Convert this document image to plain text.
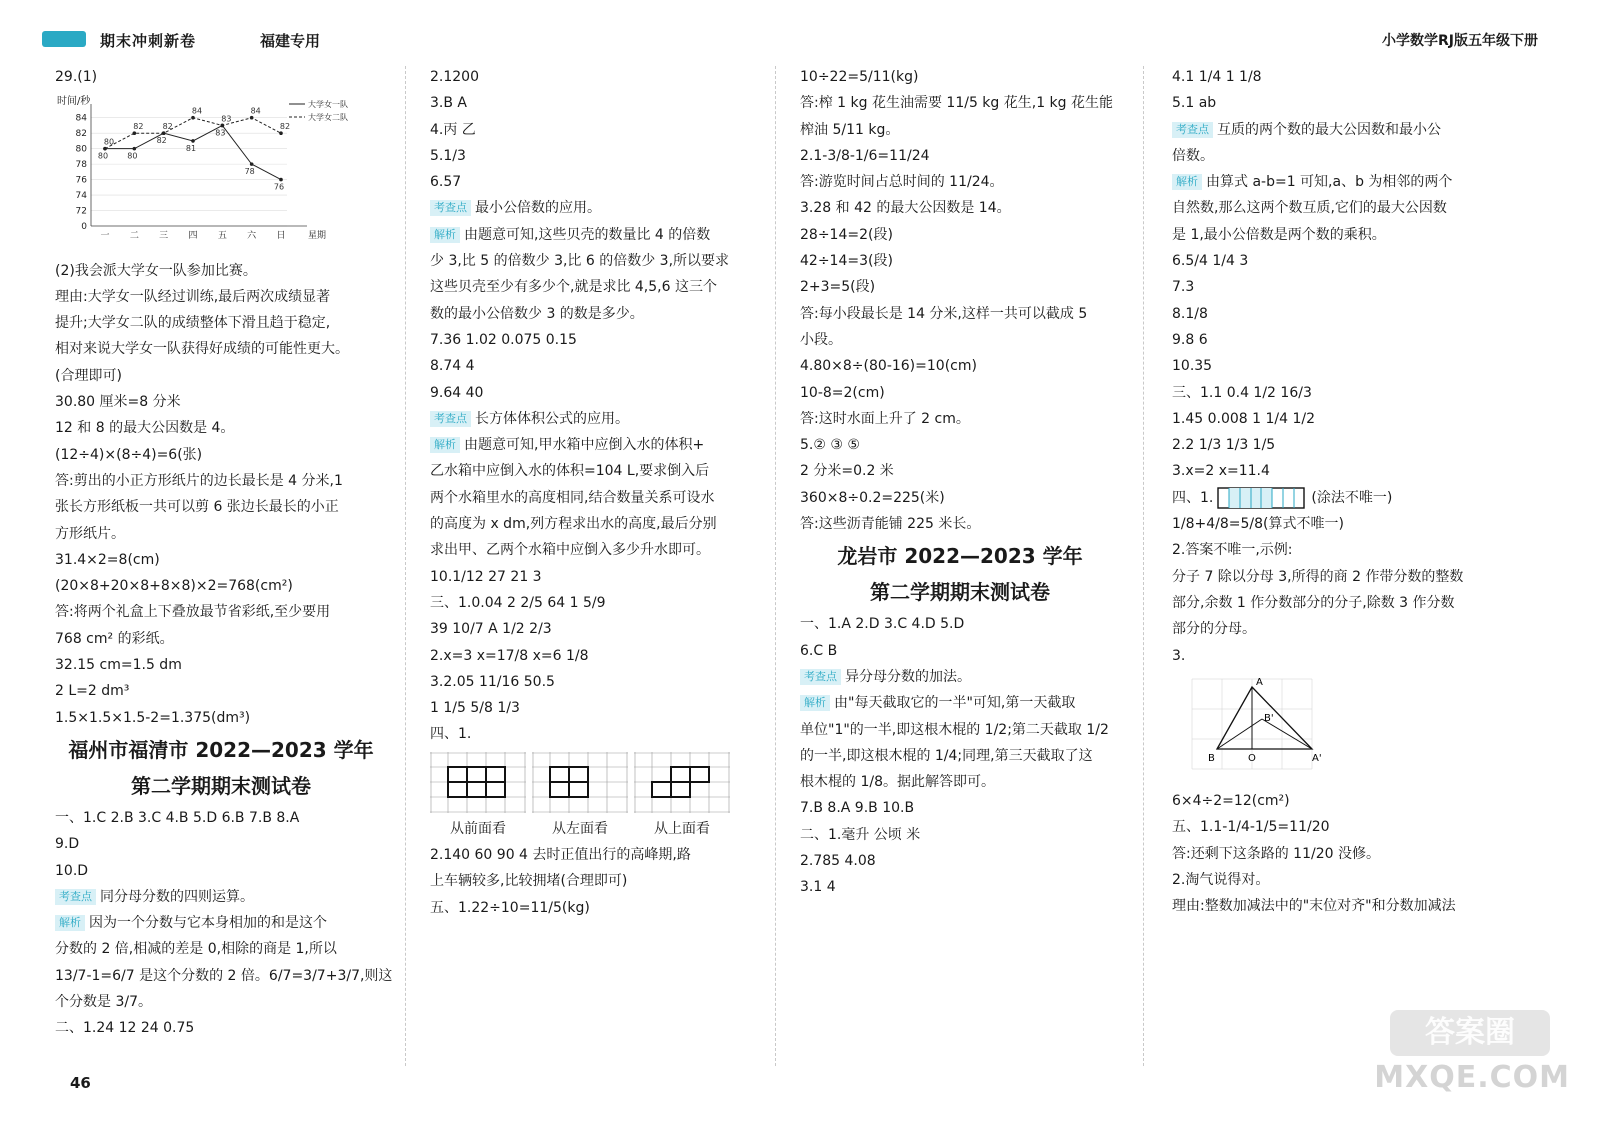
期末冲刺新卷	福建专用	小学数学RJ版五年级下册
29.(1)
时间/秒
0
72
74
76
78
80
82
84
一 二 三 四 五 六 日 星期
80 80
82
81
83
78
76
大学女一队
80
82 82
84
83
84
82
大学女二队
(2)我会派大学女一队参加比赛。
理由:大学女一队经过训练,最后两次成绩显著
提升;大学女二队的成绩整体下滑且趋于稳定,
相对来说大学女一队获得好成绩的可能性更大。
(合理即可)
30.80 厘米=8 分米
12 和 8 的最大公因数是 4。
(12÷4)×(8÷4)=6(张)
答:剪出的小正方形纸片的边长最长是 4 分米,1
张长方形纸板一共可以剪 6 张边长最长的小正
方形纸片。
31.4×2=8(cm)
(20×8+20×8+8×8)×2=768(cm²)
答:将两个礼盒上下叠放最节省彩纸,至少要用
768 cm² 的彩纸。
32.15 cm=1.5 dm
2 L=2 dm³
1.5×1.5×1.5-2=1.375(dm³)
福州市福清市 2022—2023 学年
第二学期期末测试卷
一、1.C 2.B 3.C 4.B 5.D 6.B 7.B 8.A
9.D
10.D
考查点 同分母分数的四则运算。
解析 因为一个分数与它本身相加的和是这个
分数的 2 倍,相减的差是 0,相除的商是 1,所以
13/7-1=6/7 是这个分数的 2 倍。6/7=3/7+3/7,则这
个分数是 3/7。
二、1.24 12 24 0.75
2.1200
3.B A
4.丙 乙
5.1/3
6.57
考查点 最小公倍数的应用。
解析 由题意可知,这些贝壳的数量比 4 的倍数
少 3,比 5 的倍数少 3,比 6 的倍数少 3,所以要求
这些贝壳至少有多少个,就是求比 4,5,6 这三个
数的最小公倍数少 3 的数是多少。
7.36 1.02 0.075 0.15
8.74 4
9.64 40
考查点 长方体体积公式的应用。
解析 由题意可知,甲水箱中应倒入水的体积+
乙水箱中应倒入水的体积=104 L,要求倒入后
两个水箱里水的高度相同,结合数量关系可设水
的高度为 x dm,列方程求出水的高度,最后分别
求出甲、乙两个水箱中应倒入多少升水即可。
10.1/12 27 21 3
三、1.0.04 2 2/5 64 1 5/9
39 10/7 A 1/2 2/3
2.x=3 x=17/8 x=6 1/8
3.2.05 11/16 50.5
1 1/5 5/8 1/3
四、1.
从前面看	从左面看	从上面看
2.140 60 90 4 去时正值出行的高峰期,路
上车辆较多,比较拥堵(合理即可)
五、1.22÷10=11/5(kg)
10÷22=5/11(kg)
答:榨 1 kg 花生油需要 11/5 kg 花生,1 kg 花生能
榨油 5/11 kg。
2.1-3/8-1/6=11/24
答:游览时间占总时间的 11/24。
3.28 和 42 的最大公因数是 14。
28÷14=2(段)
42÷14=3(段)
2+3=5(段)
答:每小段最长是 14 分米,这样一共可以截成 5
小段。
4.80×8÷(80-16)=10(cm)
10-8=2(cm)
答:这时水面上升了 2 cm。
5.② ③ ⑤
2 分米=0.2 米
360×8÷0.2=225(米)
答:这些沥青能铺 225 米长。
龙岩市 2022—2023 学年
第二学期期末测试卷
一、1.A 2.D 3.C 4.D 5.D
6.C B
考查点 异分母分数的加法。
解析 由"每天截取它的一半"可知,第一天截取
单位"1"的一半,即这根木棍的 1/2;第二天截取 1/2
的一半,即这根木棍的 1/4;同理,第三天截取了这
根木棍的 1/8。据此解答即可。
7.B 8.A 9.B 10.B
二、1.毫升 公顷 米
2.785 4.08
3.1 4
4.1 1/4 1 1/8
5.1 ab
考查点 互质的两个数的最大公因数和最小公
倍数。
解析 由算式 a-b=1 可知,a、b 为相邻的两个
自然数,那么这两个数互质,它们的最大公因数
是 1,最小公倍数是两个数的乘积。
6.5/4 1/4 3
7.3
8.1/8
9.8 6
10.35
三、1.1 0.4 1/2 16/3
1.45 0.008 1 1/4 1/2
2.2 1/3 1/3 1/5
3.x=2 x=11.4
四、1.	(涂法不唯一)
1/8+4/8=5/8(算式不唯一)
2.答案不唯一,示例:
分子 7 除以分母 3,所得的商 2 作带分数的整数
部分,余数 1 作分数部分的分子,除数 3 作分数
部分的分母。
3.
A
B'
B	O	A'
6×4÷2=12(cm²)
五、1.1-1/4-1/5=11/20
答:还剩下这条路的 11/20 没修。
2.淘气说得对。
理由:整数加减法中的"末位对齐"和分数加减法
46
答案圈
MXQE.COM
